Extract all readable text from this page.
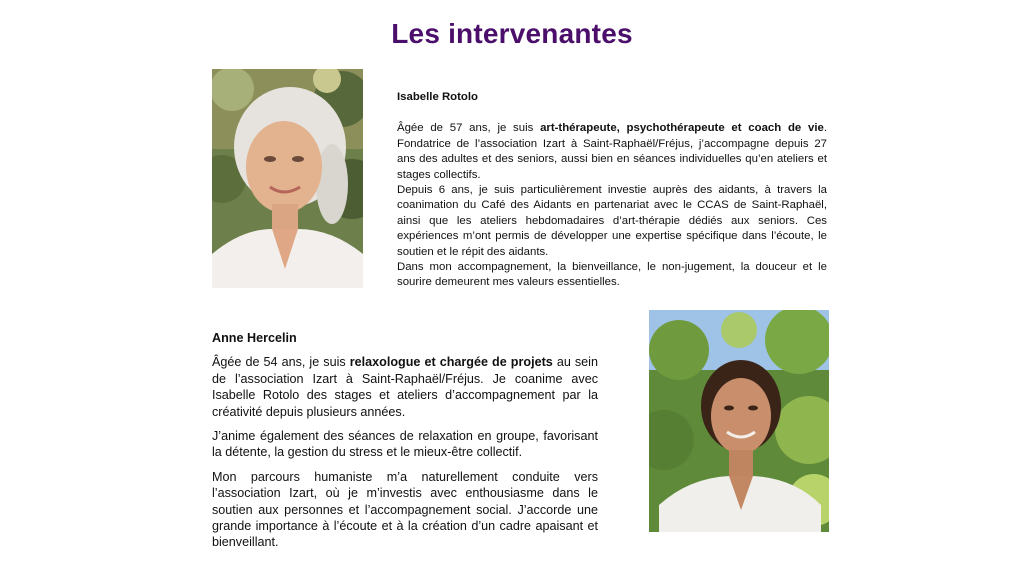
Les intervenantes

Isabelle Rotolo

Âgée de 57 ans, je suis art-thérapeute, psychothérapeute et coach de vie. Fondatrice de l’association Izart à Saint-Raphaël/Fréjus, j’accompagne depuis 27 ans des adultes et des seniors, aussi bien en séances individuelles qu’en ateliers et stages collectifs.

Depuis 6 ans, je suis particulièrement investie auprès des aidants, à travers la coanimation du Café des Aidants en partenariat avec le CCAS de Saint-Raphaël, ainsi que les ateliers hebdomadaires d’art-thérapie dédiés aux seniors. Ces expériences m’ont permis de développer une expertise spécifique dans l’écoute, le soutien et le répit des aidants.

Dans mon accompagnement, la bienveillance, le non-jugement, la douceur et le sourire demeurent mes valeurs essentielles.

Anne Hercelin

Âgée de 54 ans, je suis relaxologue et chargée de projets au sein de l’association Izart à Saint-Raphaël/Fréjus. Je coanime avec Isabelle Rotolo des stages et ateliers d’accompagnement par la créativité depuis plusieurs années.

J’anime également des séances de relaxation en groupe, favorisant la détente, la gestion du stress et le mieux-être collectif.

Mon parcours humaniste m’a naturellement conduite vers l’association Izart, où je m’investis avec enthousiasme dans le soutien aux personnes et l’accompagnement social. J’accorde une grande importance à l’écoute et à la création d’un cadre apaisant et bienveillant.
